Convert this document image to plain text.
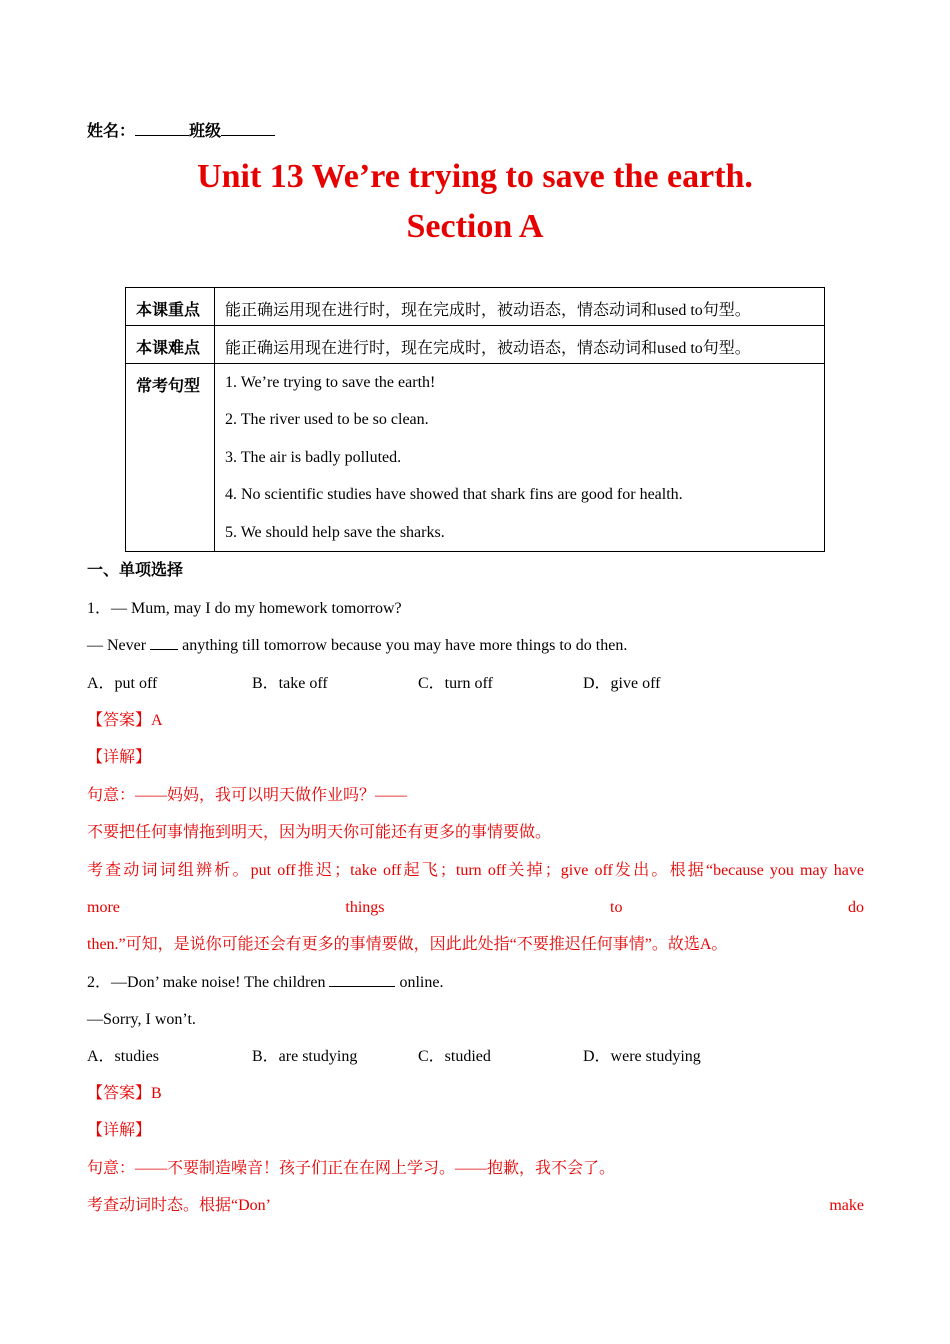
姓名：	班级
Unit 13 We’re trying to save the earth.
Section A
本课重点	能正确运用现在进行时，现在完成时，被动语态，情态动词和used to句型。
本课难点	能正确运用现在进行时，现在完成时，被动语态，情态动词和used to句型。
常考句型	1. We’re trying to save the earth!
2. The river used to be so clean.
3. The air is badly polluted.
4. No scientific studies have showed that shark fins are good for health.
5. We should help save the sharks.
一、单项选择
1．— Mum, may I do my homework tomorrow?
— Never anything till tomorrow because you may have more things to do then.
A．put off	B．take off	C．turn off	D．give off
【答案】A
【详解】
句意：——妈妈，我可以明天做作业吗？——
不要把任何事情拖到明天，因为明天你可能还有更多的事情要做。
考查动词词组辨析。put off推迟；take off起飞；turn off关掉；give off发出。根据“because you may have
more	things	to	do
then.”可知，是说你可能还会有更多的事情要做，因此此处指“不要推迟任何事情”。故选A。
2．—Don’ make noise! The children	online.
—Sorry, I won’t.
A．studies	B．are studying	C．studied	D．were studying
【答案】B
【详解】
句意：——不要制造噪音！孩子们正在在网上学习。——抱歉，我不会了。
考查动词时态。根据“Don’	make
